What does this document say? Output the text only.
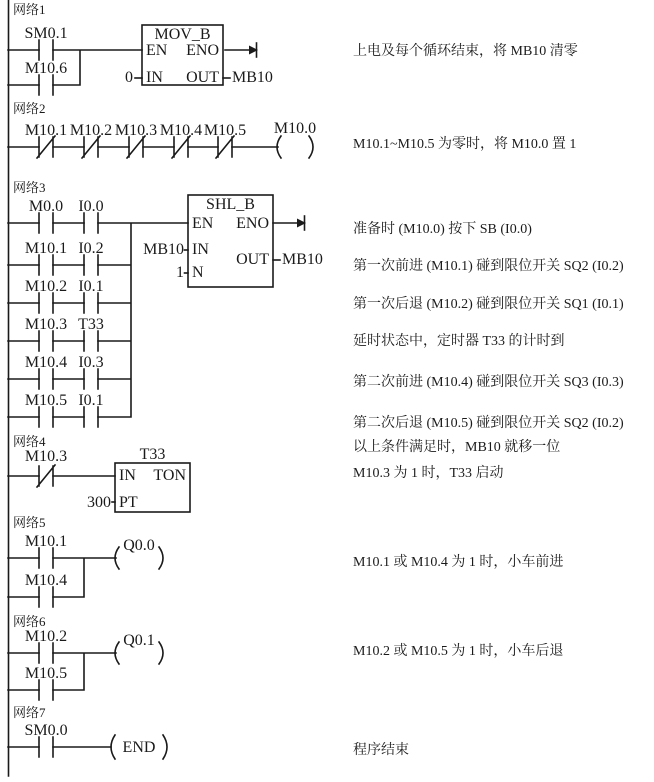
网络1
SM0.1
M10.6
MOV_B
EN ENO
0 IN OUT MB10
上电及每个循环结束，将 MB10 清零
网络2
M10.1 M10.2 M10.3 M10.4 M10.5 M10.0
M10.1~M10.5 为零时，将 M10.0 置 1
网络3
M0.0 I0.0
M10.1 I0.2
M10.2 I0.1
M10.3 T33
M10.4 I0.3
M10.5 I0.1
SHL_B
EN ENO
MB10 IN
1 N
OUT MB10
准备时 (M10.0) 按下 SB (I0.0)
第一次前进 (M10.1) 碰到限位开关 SQ2 (I0.2)
第一次后退 (M10.2) 碰到限位开关 SQ1 (I0.1)
延时状态中，定时器 T33 的计时到
第二次前进 (M10.4) 碰到限位开关 SQ3 (I0.3)
第二次后退 (M10.5) 碰到限位开关 SQ2 (I0.2)
网络4
M10.3	T33
IN TON
300 PT
以上条件满足时，MB10 就移一位
M10.3 为 1 时，T33 启动
网络5
M10.1
M10.4
Q0.0
M10.1 或 M10.4 为 1 时，小车前进
网络6
M10.2
M10.5
Q0.1
M10.2 或 M10.5 为 1 时，小车后退
网络7
SM0.0
END	程序结束
